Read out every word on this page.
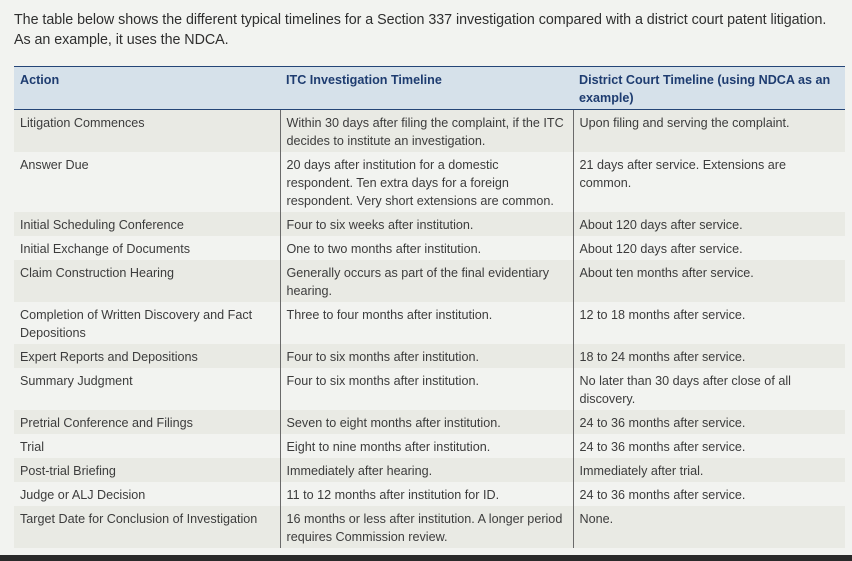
The table below shows the different typical timelines for a Section 337 investigation compared with a district court patent litigation. As an example, it uses the NDCA.

Action	ITC Investigation Timeline	District Court Timeline (using NDCA as an example)
Litigation Commences	Within 30 days after filing the complaint, if the ITC decides to institute an investigation.	Upon filing and serving the complaint.
Answer Due	20 days after institution for a domestic respondent. Ten extra days for a foreign respondent. Very short extensions are common.	21 days after service. Extensions are common.
Initial Scheduling Conference	Four to six weeks after institution.	About 120 days after service.
Initial Exchange of Documents	One to two months after institution.	About 120 days after service.
Claim Construction Hearing	Generally occurs as part of the final evidentiary hearing.	About ten months after service.
Completion of Written Discovery and Fact Depositions	Three to four months after institution.	12 to 18 months after service.
Expert Reports and Depositions	Four to six months after institution.	18 to 24 months after service.
Summary Judgment	Four to six months after institution.	No later than 30 days after close of all discovery.
Pretrial Conference and Filings	Seven to eight months after institution.	24 to 36 months after service.
Trial	Eight to nine months after institution.	24 to 36 months after service.
Post-trial Briefing	Immediately after hearing.	Immediately after trial.
Judge or ALJ Decision	11 to 12 months after institution for ID.	24 to 36 months after service.
Target Date for Conclusion of Investigation	16 months or less after institution. A longer period requires Commission review.	None.
